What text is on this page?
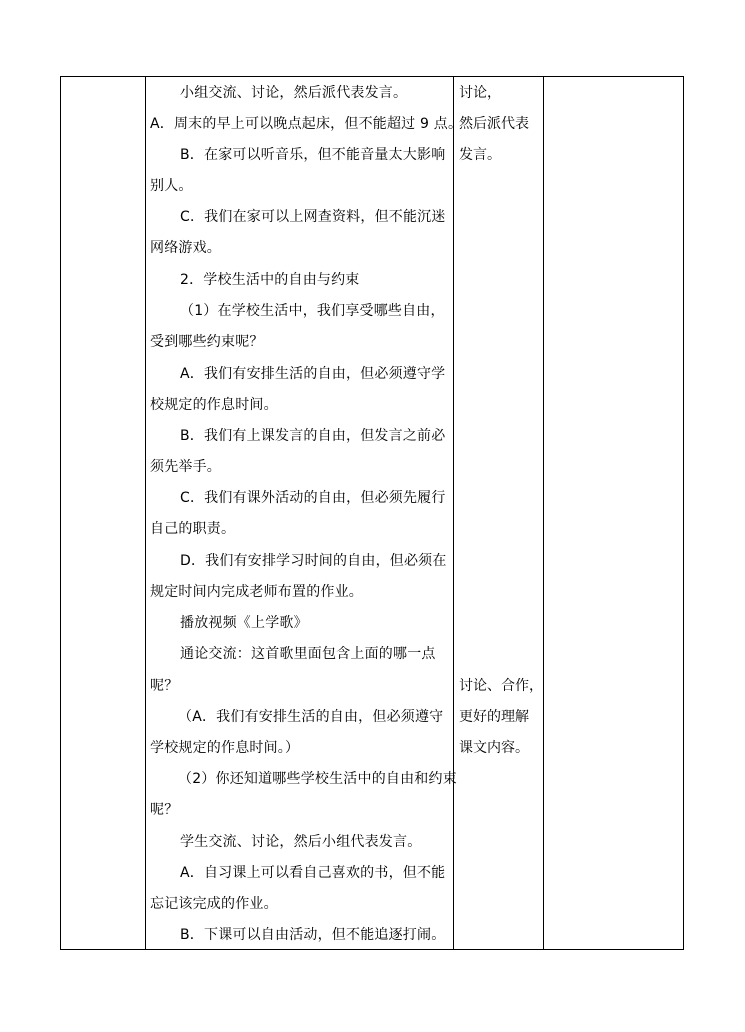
小组交流、讨论，然后派代表发言。
A．周末的早上可以晚点起床，但不能超过 9 点。
B．在家可以听音乐，但不能音量太大影响
别人。
C．我们在家可以上网查资料，但不能沉迷
网络游戏。
2．学校生活中的自由与约束
（1）在学校生活中，我们享受哪些自由，
受到哪些约束呢？
A．我们有安排生活的自由，但必须遵守学
校规定的作息时间。
B．我们有上课发言的自由，但发言之前必
须先举手。
C．我们有课外活动的自由，但必须先履行
自己的职责。
D．我们有安排学习时间的自由，但必须在
规定时间内完成老师布置的作业。
播放视频《上学歌》
通论交流：这首歌里面包含上面的哪一点
呢？
（A．我们有安排生活的自由，但必须遵守
学校规定的作息时间。）
（2）你还知道哪些学校生活中的自由和约束
呢？
学生交流、讨论，然后小组代表发言。
A．自习课上可以看自己喜欢的书，但不能
忘记该完成的作业。
B．下课可以自由活动，但不能追逐打闹。
讨论，
然后派代表
发言。
讨论、合作，
更好的理解
课文内容。
